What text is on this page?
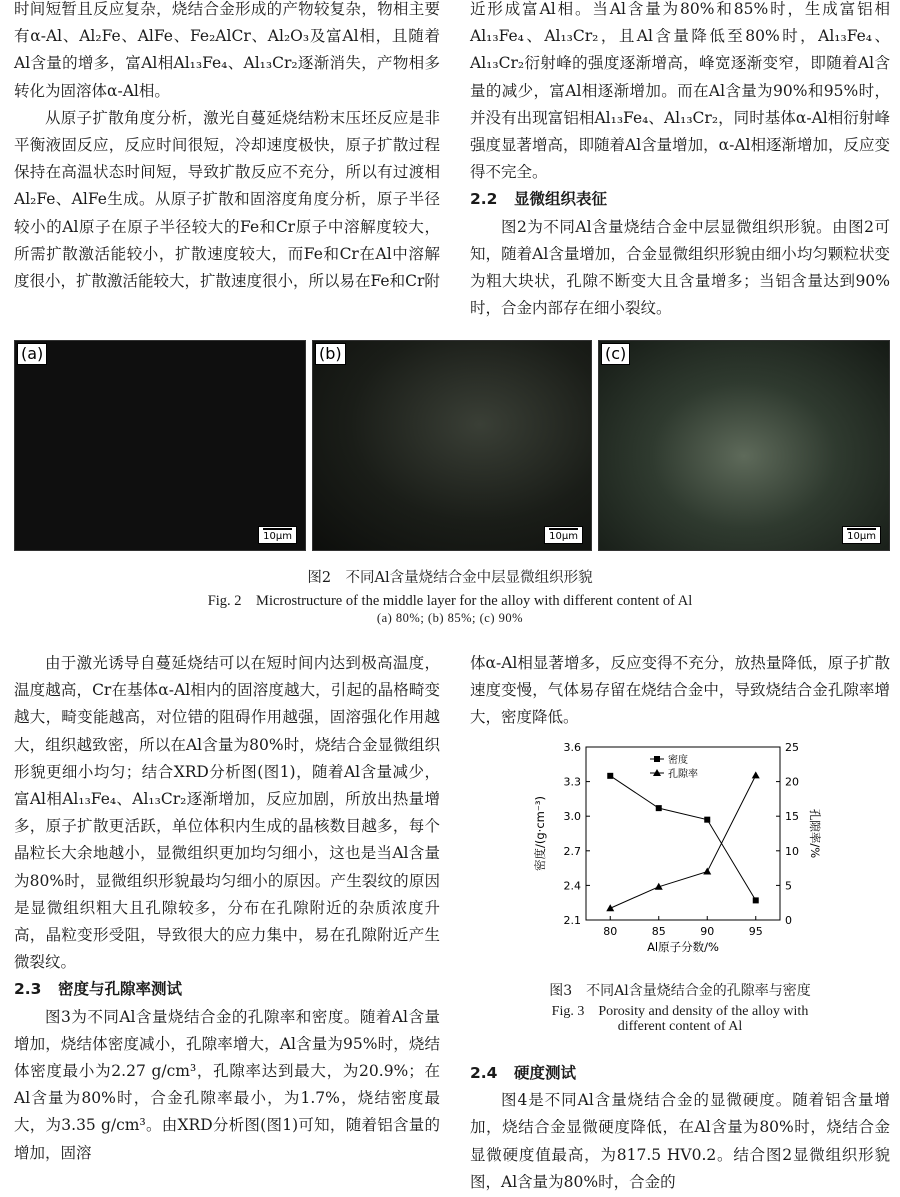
时间短暂且反应复杂，烧结合金形成的产物较复杂，物相主要有α-Al、Al₂Fe、AlFe、Fe₂AlCr、Al₂O₃及富Al相，且随着Al含量的增多，富Al相Al₁₃Fe₄、Al₁₃Cr₂逐渐消失，产物相多转化为固溶体α-Al相。

从原子扩散角度分析，激光自蔓延烧结粉末压坯反应是非平衡液固反应，反应时间很短，冷却速度极快，原子扩散过程保持在高温状态时间短，导致扩散反应不充分，所以有过渡相Al₂Fe、AlFe生成。从原子扩散和固溶度角度分析，原子半径较小的Al原子在原子半径较大的Fe和Cr原子中溶解度较大，所需扩散激活能较小，扩散速度较大，而Fe和Cr在Al中溶解度很小，扩散激活能较大，扩散速度很小，所以易在Fe和Cr附

近形成富Al相。当Al含量为80%和85%时，生成富铝相Al₁₃Fe₄、Al₁₃Cr₂，且Al含量降低至80%时，Al₁₃Fe₄、Al₁₃Cr₂衍射峰的强度逐渐增高，峰宽逐渐变窄，即随着Al含量的减少，富Al相逐渐增加。而在Al含量为90%和95%时，并没有出现富铝相Al₁₃Fe₄、Al₁₃Cr₂，同时基体α-Al相衍射峰强度显著增高，即随着Al含量增加，α-Al相逐渐增加，反应变得不完全。

2.2 显微组织表征

图2为不同Al含量烧结合金中层显微组织形貌。由图2可知，随着Al含量增加，合金显微组织形貌由细小均匀颗粒状变为粗大块状，孔隙不断变大且含量增多；当铝含量达到90%时，合金内部存在细小裂纹。

(a)
10μm
(b)
10μm
(c)
10μm
图2　不同Al含量烧结合金中层显微组织形貌
Fig. 2　Microstructure of the middle layer for the alloy with different content of Al
(a) 80%; (b) 85%; (c) 90%

由于激光诱导自蔓延烧结可以在短时间内达到极高温度，温度越高，Cr在基体α-Al相内的固溶度越大，引起的晶格畸变越大，畸变能越高，对位错的阻碍作用越强，固溶强化作用越大，组织越致密，所以在Al含量为80%时，烧结合金显微组织形貌更细小均匀；结合XRD分析图(图1)，随着Al含量减少，富Al相Al₁₃Fe₄、Al₁₃Cr₂逐渐增加，反应加剧，所放出热量增多，原子扩散更活跃，单位体积内生成的晶核数目越多，每个晶粒长大余地越小，显微组织更加均匀细小，这也是当Al含量为80%时，显微组织形貌最均匀细小的原因。产生裂纹的原因是显微组织粗大且孔隙较多，分布在孔隙附近的杂质浓度升高，晶粒变形受阻，导致很大的应力集中，易在孔隙附近产生微裂纹。

2.3 密度与孔隙率测试

图3为不同Al含量烧结合金的孔隙率和密度。随着Al含量增加，烧结体密度减小，孔隙率增大，Al含量为95%时，烧结体密度最小为2.27 g/cm³，孔隙率达到最大，为20.9%；在Al含量为80%时，合金孔隙率最小，为1.7%，烧结密度最大，为3.35 g/cm³。由XRD分析图(图1)可知，随着铝含量的增加，固溶

体α-Al相显著增多，反应变得不充分，放热量降低，原子扩散速度变慢，气体易存留在烧结合金中，导致烧结合金孔隙率增大，密度降低。

2.1
2.4
2.7
3.0
3.3
3.6
0
5
10
15
20
25
80	85	90	95
Al原子分数/%
密度/(g·cm⁻³)	孔隙率/%
密度
孔隙率
图3　不同Al含量烧结合金的孔隙率与密度
Fig. 3　Porosity and density of the alloy with
different content of Al
2.4 硬度测试

图4是不同Al含量烧结合金的显微硬度。随着铝含量增加，烧结合金显微硬度降低，在Al含量为80%时，烧结合金显微硬度值最高，为817.5 HV0.2。结合图2显微组织形貌图，Al含量为80%时，合金的
